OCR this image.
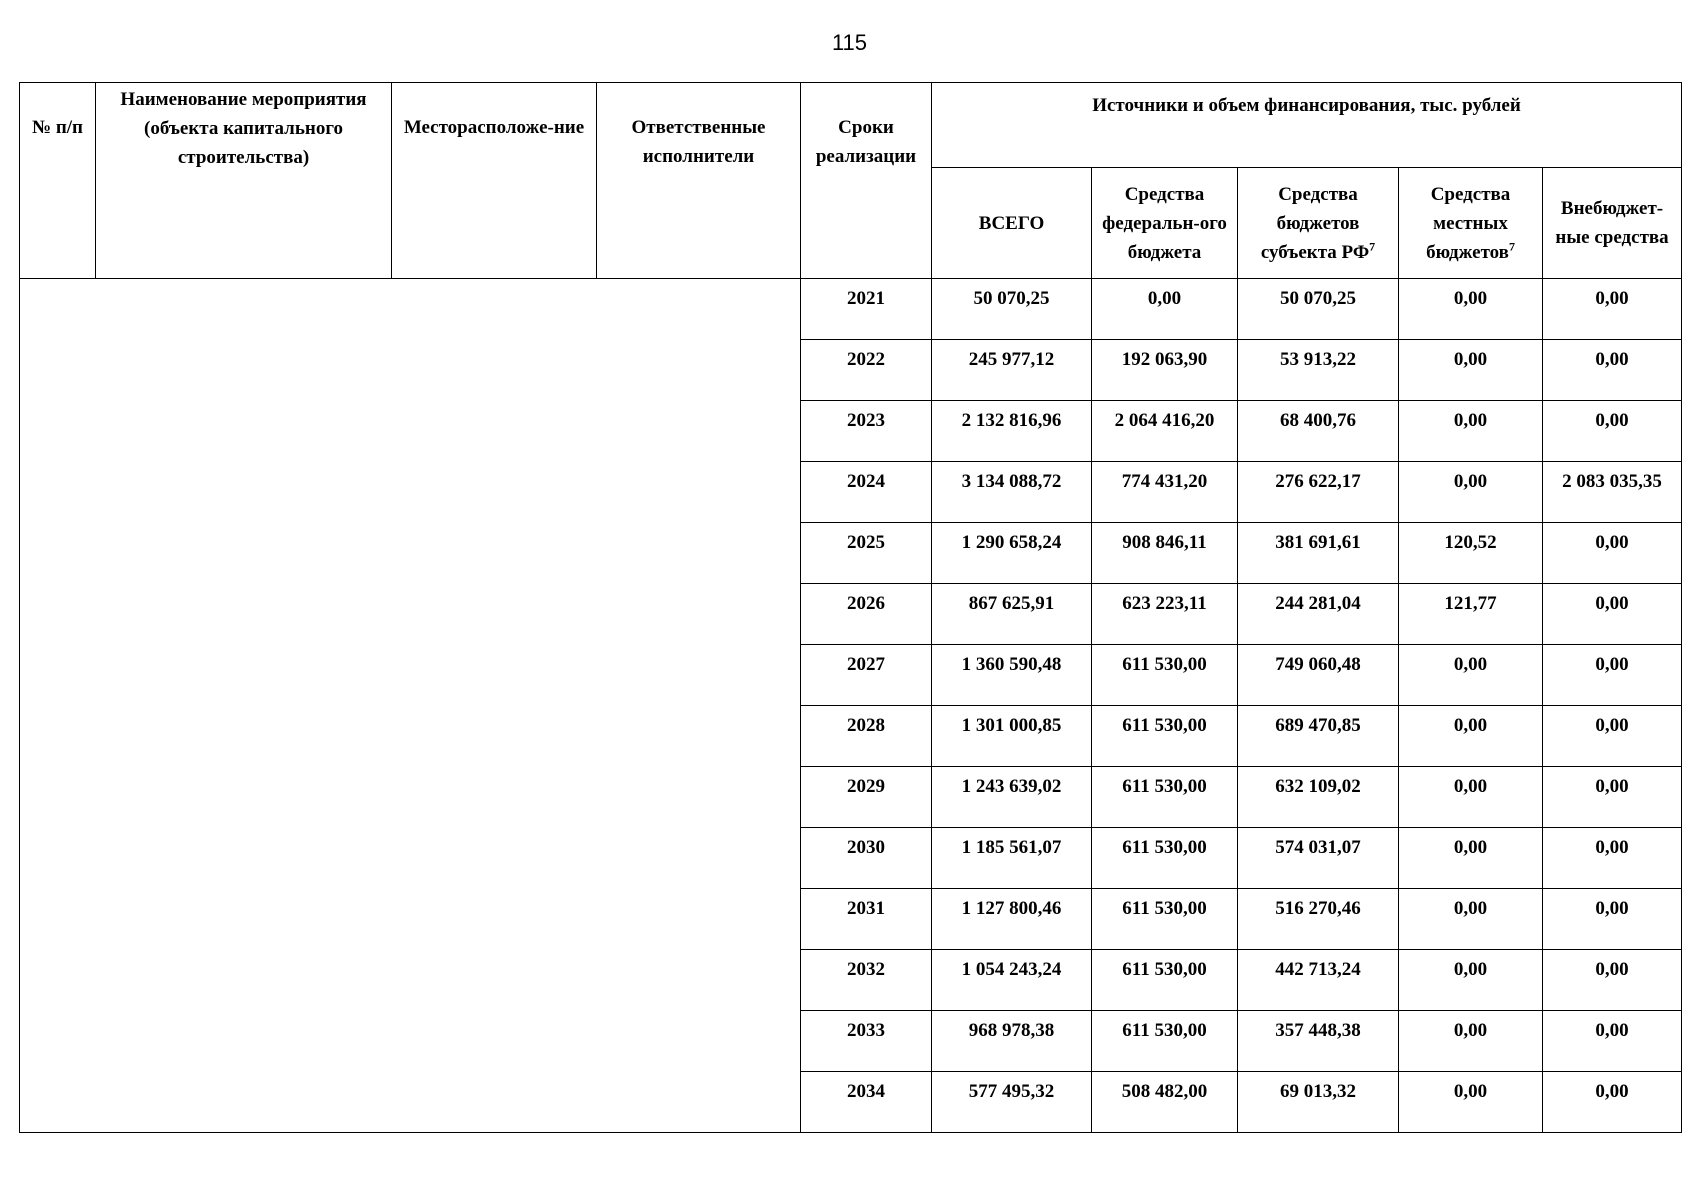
115
№ п/п	Наименование мероприятия (объекта капитального строительства)	Месторасположе-ние	Ответственные исполнители	Сроки реализации	Источники и объем финансирования, тыс. рублей				
					ВСЕГО	Средства федеральн-ого бюджета	Средства бюджетов субъекта $РФ^7$	Средства местных бюджетов$^7$	Внебюджет-ные средства
				2021	50 070,25	0,00	50 070,25	0,00	0,00
				2022	245 977,12	192 063,90	53 913,22	0,00	0,00
				2023	2 132 816,96	2 064 416,20	68 400,76	0,00	0,00
				2024	3 134 088,72	774 431,20	276 622,17	0,00	2 083 035,35
				2025	1 290 658,24	908 846,11	381 691,61	120,52	0,00
				2026	867 625,91	623 223,11	244 281,04	121,77	0,00
				2027	1 360 590,48	611 530,00	749 060,48	0,00	0,00
				2028	1 301 000,85	611 530,00	689 470,85	0,00	0,00
				2029	1 243 639,02	611 530,00	632 109,02	0,00	0,00
				2030	1 185 561,07	611 530,00	574 031,07	0,00	0,00
				2031	1 127 800,46	611 530,00	516 270,46	0,00	0,00
				2032	1 054 243,24	611 530,00	442 713,24	0,00	0,00
				2033	968 978,38	611 530,00	357 448,38	0,00	0,00
				2034	577 495,32	508 482,00	69 013,32	0,00	0,00
